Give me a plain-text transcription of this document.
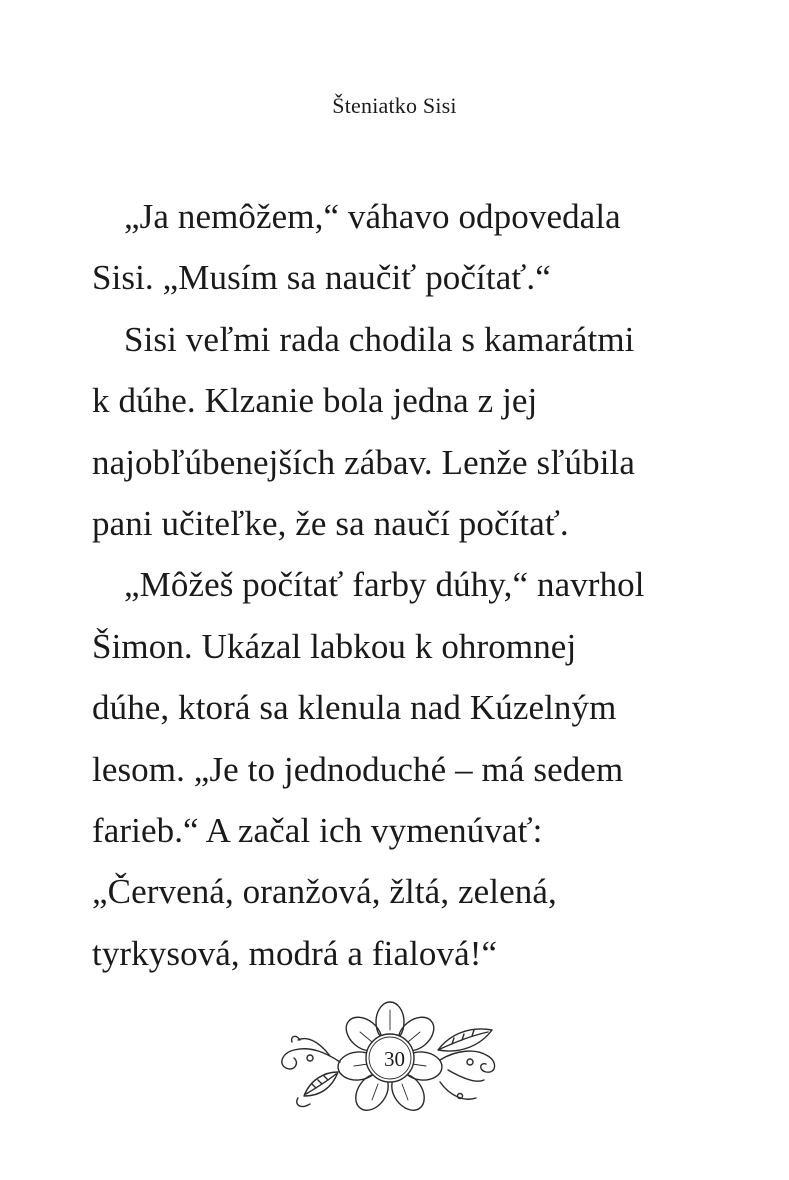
Šteniatko Sisi
„Ja nemôžem,“ váhavo odpovedala
Sisi. „Musím sa naučiť počítať.“
Sisi veľmi rada chodila s kamarátmi
k dúhe. Klzanie bola jedna z jej
najobľúbenejších zábav. Lenže sľúbila
pani učiteľke, že sa naučí počítať.
„Môžeš počítať farby dúhy,“ navrhol
Šimon. Ukázal labkou k ohromnej
dúhe, ktorá sa klenula nad Kúzelným
lesom. „Je to jednoduché – má sedem
farieb.“ A začal ich vymenúvať:
„Červená, oranžová, žltá, zelená,
tyrkysová, modrá a fialová!“
30
